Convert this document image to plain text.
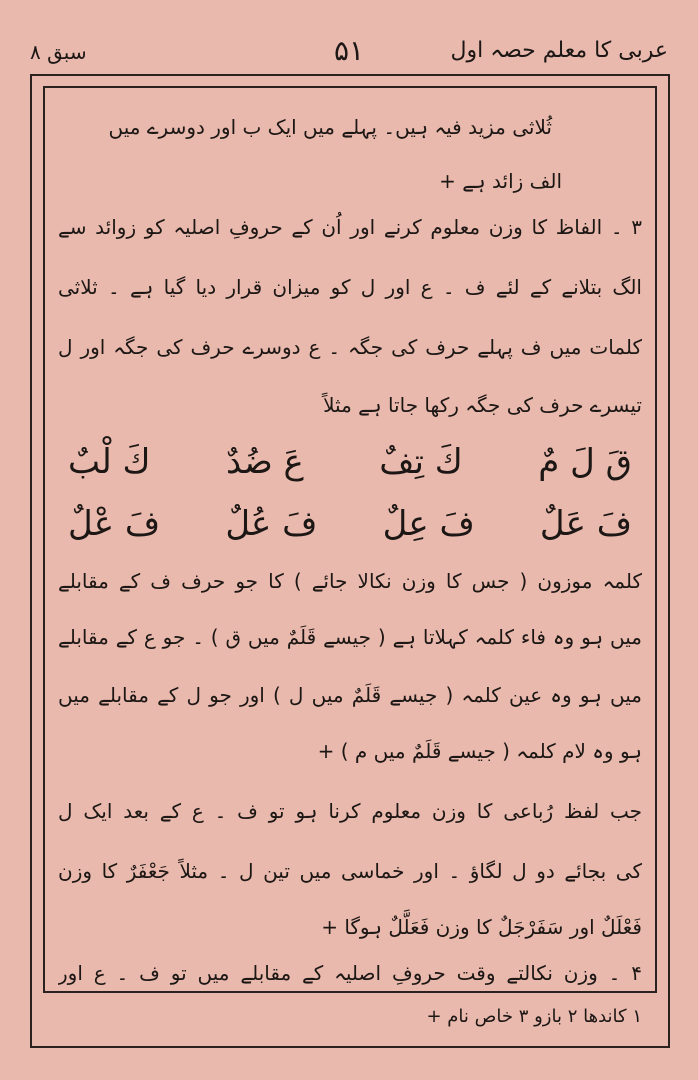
عربی کا معلم حصہ اول
۵۱
سبق ۸
ثُلاثی مزید فیہ ہیں۔ پہلے میں ایک ب اور دوسرے میں
الف زائد ہے +
۳ ۔ الفاظ کا وزن معلوم کرنے اور اُن کے حروفِ اصلیہ کو زوائد سے
الگ بتلانے کے لئے ف ۔ ع اور ل کو میزان قرار دیا گیا ہے ۔ ثلاثی
کلمات میں ف پہلے حرف کی جگہ ۔ ع دوسرے حرف کی جگہ اور ل
تیسرے حرف کی جگہ رکھا جاتا ہے مثلاً
قَ لَ مٌ
كَ تِفٌ
عَ ضُدٌ
كَ لْبٌ
فَ عَلٌ
فَ عِلٌ
فَ عُلٌ
فَ عْلٌ
کلمہ موزون ( جس کا وزن نکالا جائے ) کا جو حرف ف کے مقابلے
میں ہو وہ فاء کلمہ کہلاتا ہے ( جیسے قَلَمٌ میں ق ) ۔ جو ع کے مقابلے
میں ہو وہ عین کلمہ ( جیسے قَلَمٌ میں ل ) اور جو ل کے مقابلے میں
ہو وہ لام کلمہ ( جیسے قَلَمٌ میں م ) +
جب لفظ رُباعی کا وزن معلوم کرنا ہو تو ف ۔ ع کے بعد ایک ل
کی بجائے دو ل لگاؤ ۔ اور خماسی میں تین ل ۔ مثلاً جَعْفَرٌ کا وزن
فَعْلَلٌ اور سَفَرْجَلٌ کا وزن فَعَلَّلٌ ہوگا +
۴ ۔ وزن نکالتے وقت حروفِ اصلیہ کے مقابلے میں تو ف ۔ ع اور
۱ کاندھا ۲ بازو ۳ خاص نام +
